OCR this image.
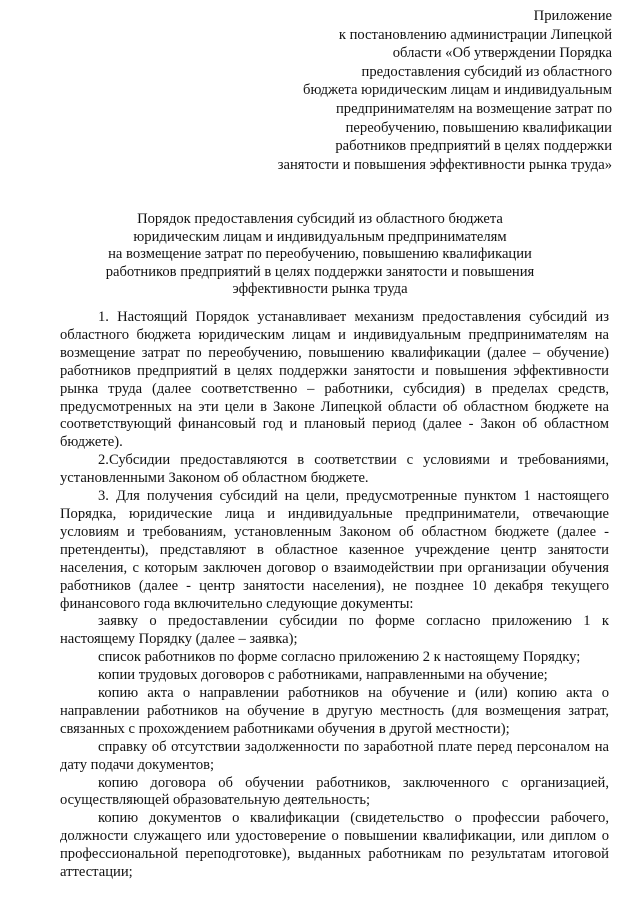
Приложение
к постановлению администрации Липецкой
области «Об утверждении Порядка
предоставления субсидий из областного
бюджета юридическим лицам и индивидуальным
предпринимателям на возмещение затрат по
переобучению, повышению квалификации
работников предприятий в целях поддержки
занятости и повышения эффективности рынка труда»
Порядок предоставления субсидий из областного бюджета
юридическим лицам и индивидуальным предпринимателям
на возмещение затрат по переобучению, повышению квалификации
работников предприятий в целях поддержки занятости и повышения
эффективности рынка труда

1. Настоящий Порядок устанавливает механизм предоставления субсидий из областного бюджета юридическим лицам и индивидуальным предпринимателям на возмещение затрат по переобучению, повышению квалификации (далее – обучение) работников предприятий в целях поддержки занятости и повышения эффективности рынка труда (далее соответственно – работники, субсидия) в пределах средств, предусмотренных на эти цели в Законе Липецкой области об областном бюджете на соответствующий финансовый год и плановый период (далее - Закон об областном бюджете).

2.Субсидии предоставляются в соответствии с условиями и требованиями, установленными Законом об областном бюджете.

3. Для получения субсидий на цели, предусмотренные пунктом 1 настоящего Порядка, юридические лица и индивидуальные предприниматели, отвечающие условиям и требованиям, установленным Законом об областном бюджете (далее - претенденты), представляют в областное казенное учреждение центр занятости населения, с которым заключен договор о взаимодействии при организации обучения работников (далее - центр занятости населения), не позднее 10 декабря текущего финансового года включительно следующие документы:

заявку о предоставлении субсидии по форме согласно приложению 1 к настоящему Порядку (далее – заявка);

список работников по форме согласно приложению 2 к настоящему Порядку;

копии трудовых договоров с работниками, направленными на обучение;

копию акта о направлении работников на обучение и (или) копию акта о направлении работников на обучение в другую местность (для возмещения затрат, связанных с прохождением работниками обучения в другой местности);

справку об отсутствии задолженности по заработной плате перед персоналом на дату подачи документов;

копию договора об обучении работников, заключенного с организацией, осуществляющей образовательную деятельность;

копию документов о квалификации (свидетельство о профессии рабочего, должности служащего или удостоверение о повышении квалификации, или диплом о профессиональной переподготовке), выданных работникам по результатам итоговой аттестации;
